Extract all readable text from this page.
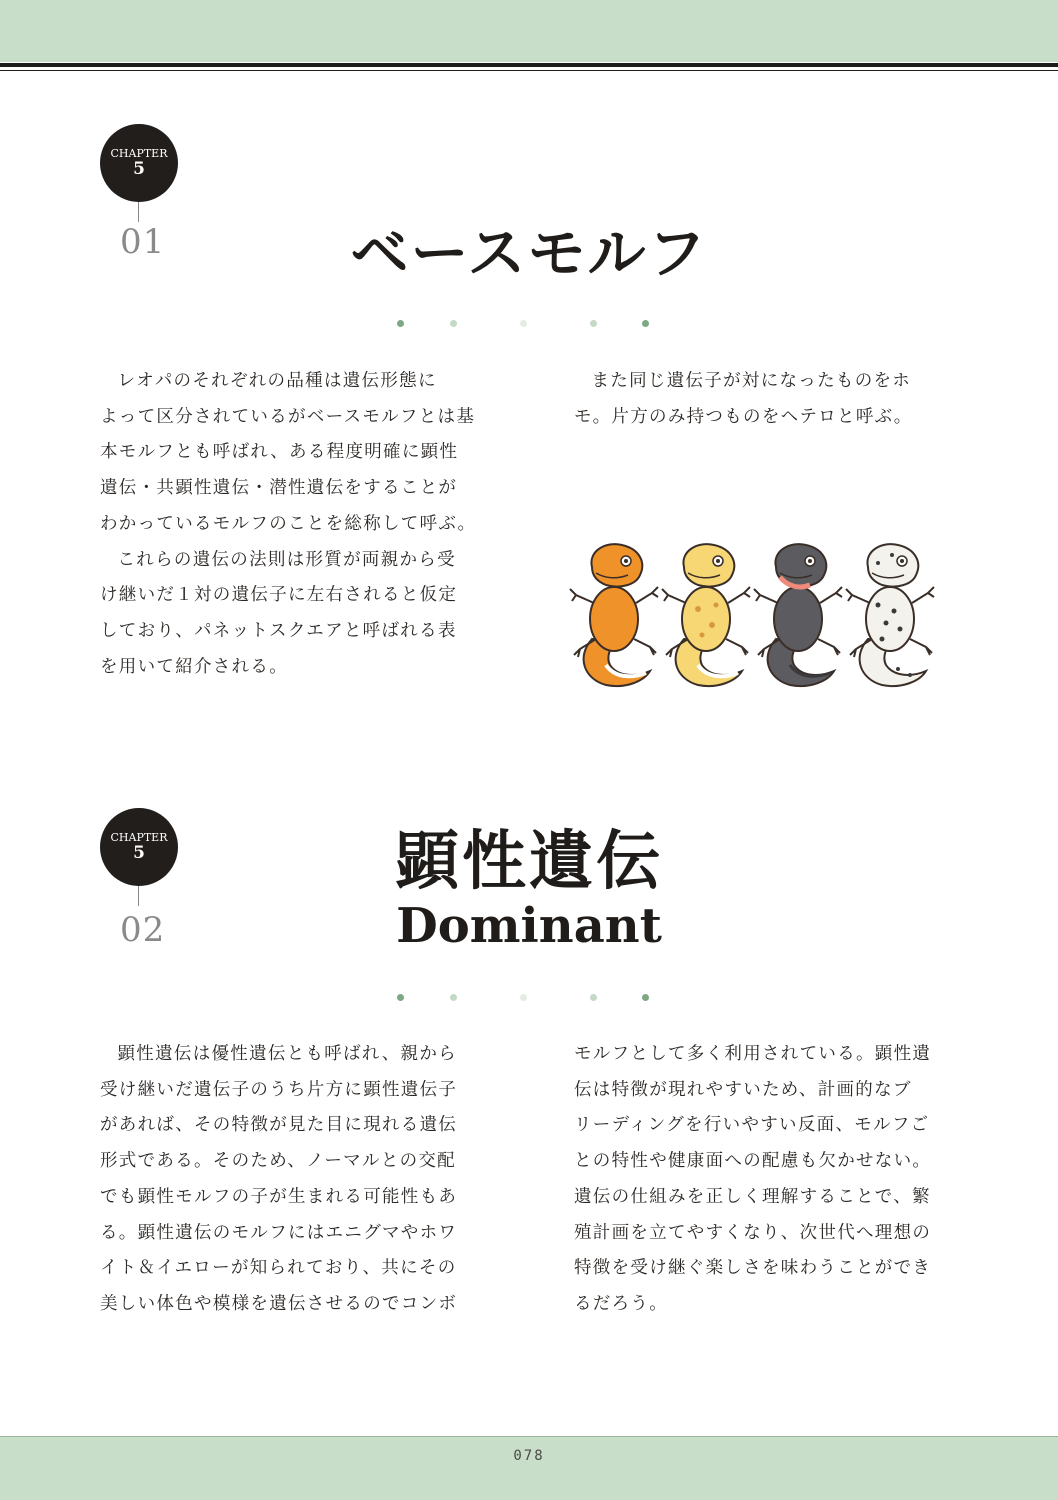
CHAPTER
5
01	ベースモルフ

レオパのそれぞれの品種は遺伝形態に

よって区分されているがベースモルフとは基

本モルフとも呼ばれ、ある程度明確に顕性

遺伝・共顕性遺伝・潜性遺伝をすることが

わかっているモルフのことを総称して呼ぶ。

これらの遺伝の法則は形質が両親から受

け継いだ１対の遺伝子に左右されると仮定

しており、パネットスクエアと呼ばれる表

を用いて紹介される。

また同じ遺伝子が対になったものをホ

モ。片方のみ持つものをヘテロと呼ぶ。

CHAPTER
5
02
顕性遺伝
Dominant

顕性遺伝は優性遺伝とも呼ばれ、親から

受け継いだ遺伝子のうち片方に顕性遺伝子

があれば、その特徴が見た目に現れる遺伝

形式である。そのため、ノーマルとの交配

でも顕性モルフの子が生まれる可能性もあ

る。顕性遺伝のモルフにはエニグマやホワ

イト＆イエローが知られており、共にその

美しい体色や模様を遺伝させるのでコンボ

モルフとして多く利用されている。顕性遺

伝は特徴が現れやすいため、計画的なブ

リーディングを行いやすい反面、モルフご

との特性や健康面への配慮も欠かせない。

遺伝の仕組みを正しく理解することで、繁

殖計画を立てやすくなり、次世代へ理想の

特徴を受け継ぐ楽しさを味わうことができ

るだろう。

078
